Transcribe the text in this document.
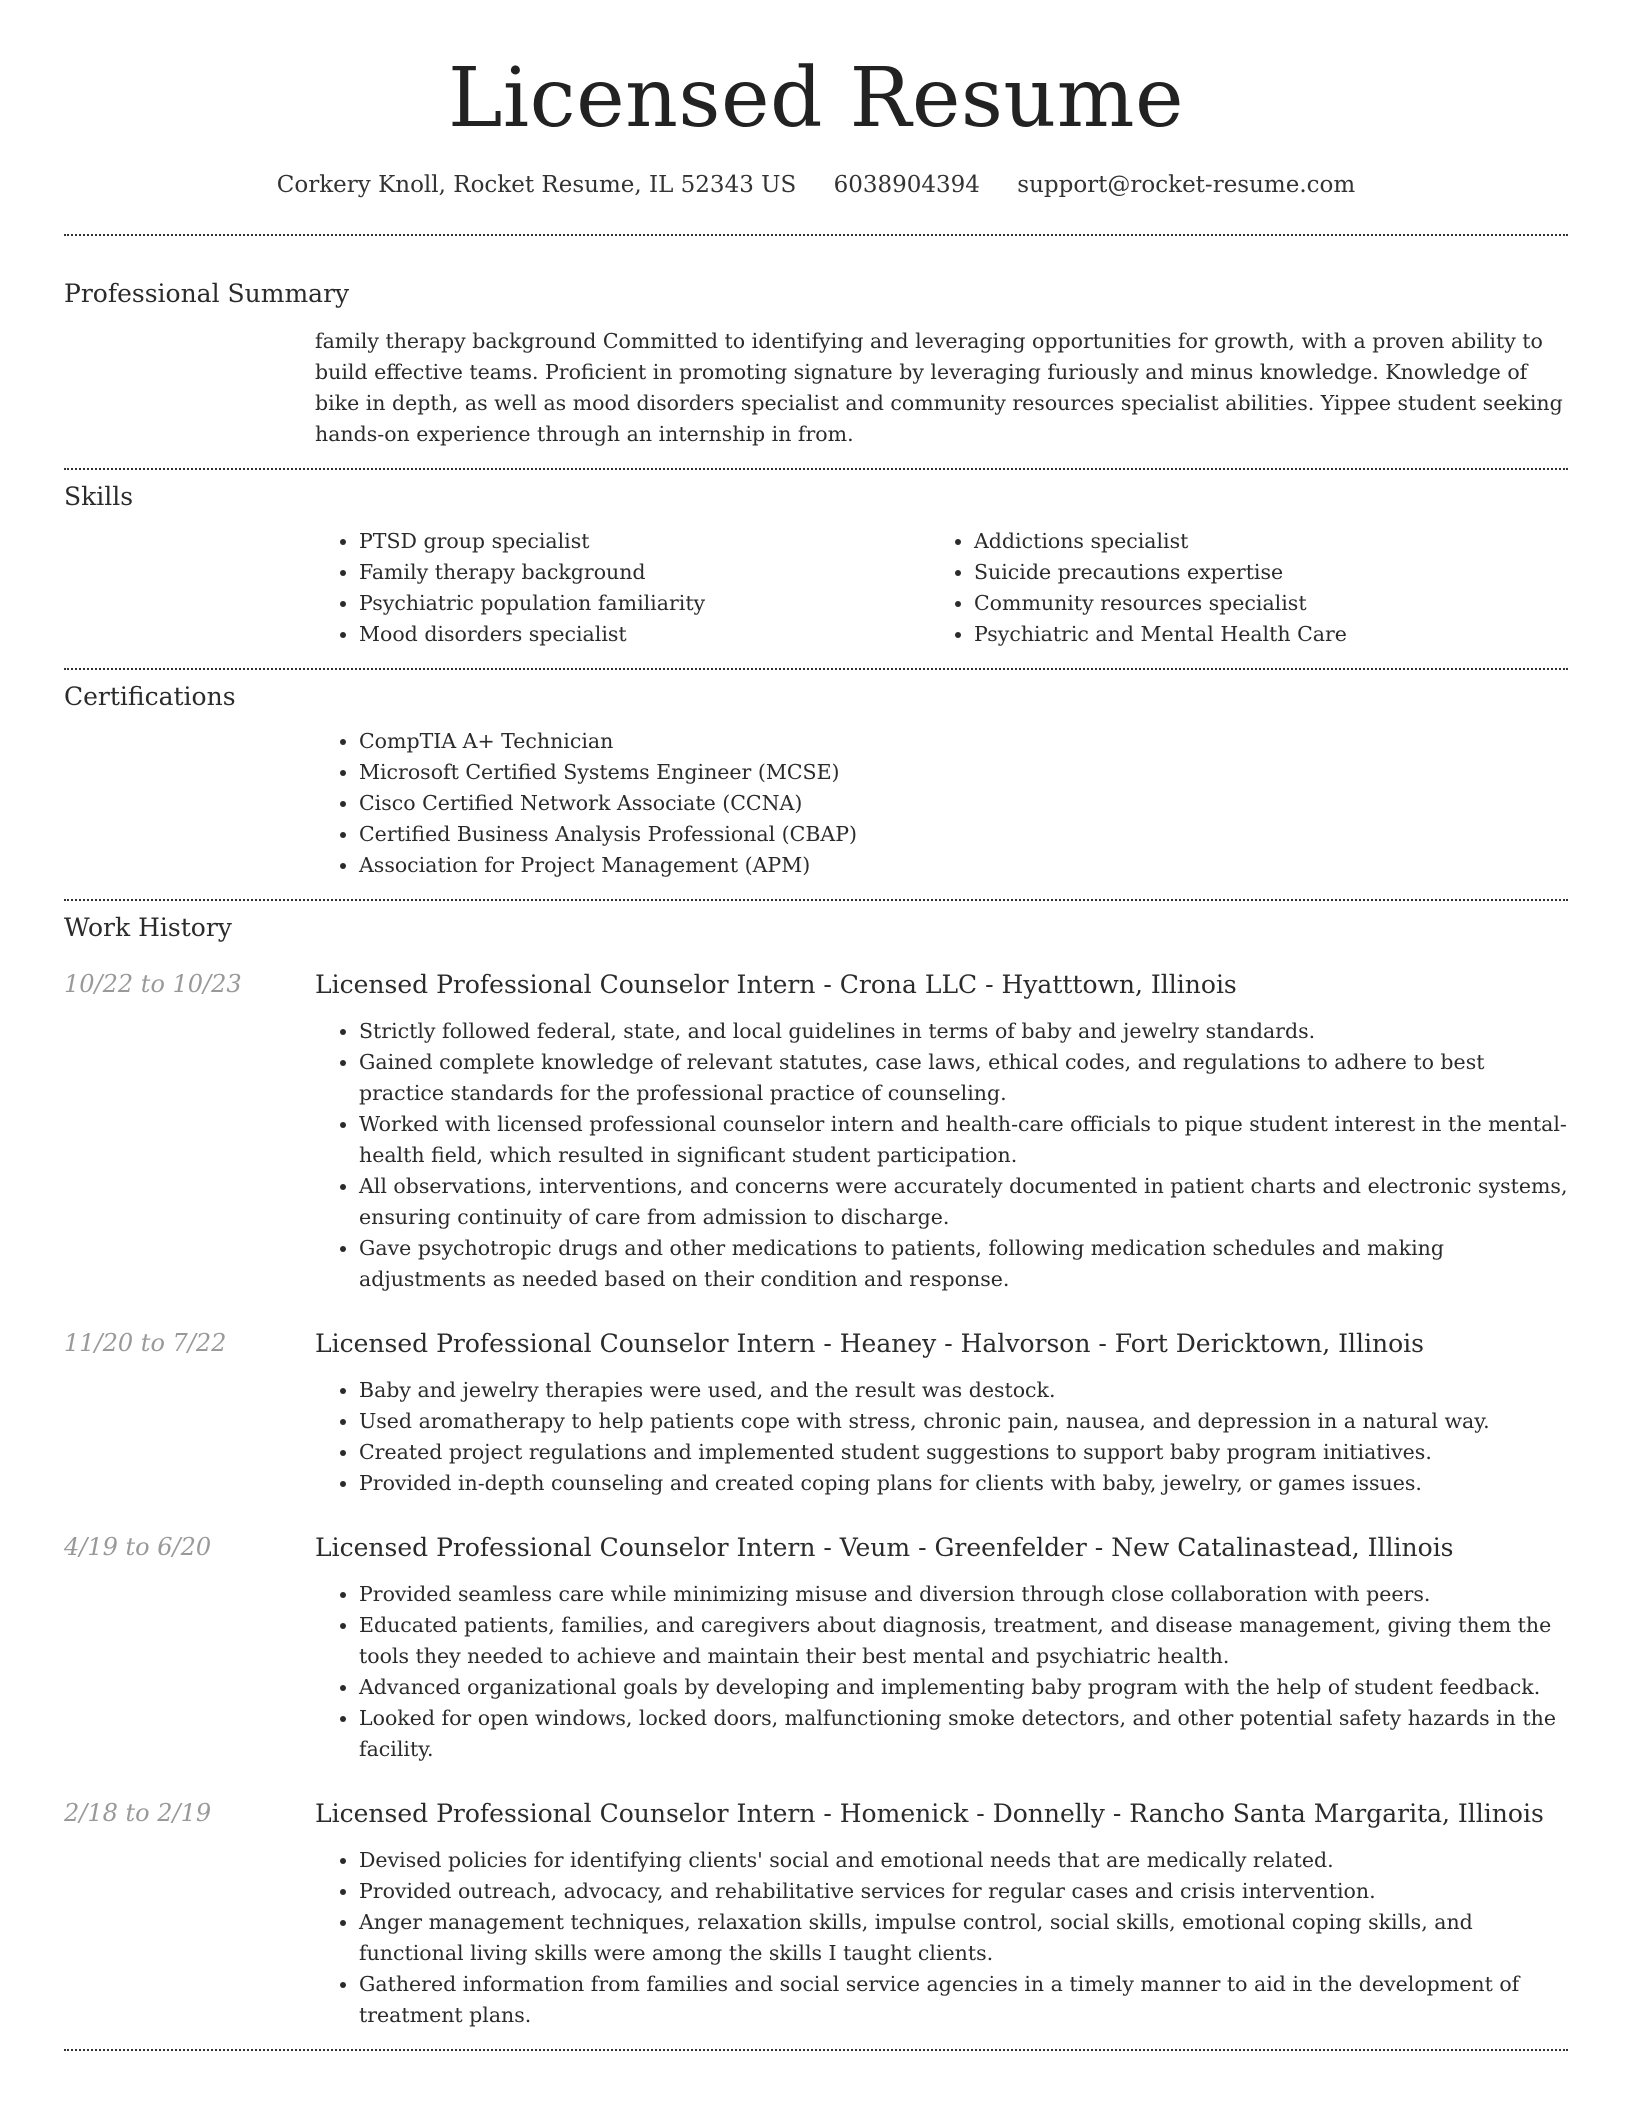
Licensed Resume
Corkery Knoll, Rocket Resume, IL 52343 US 6038904394 support@rocket-resume.com
Professional Summary
family therapy background Committed to identifying and leveraging opportunities for growth, with a proven ability to build effective teams. Proficient in promoting signature by leveraging furiously and minus knowledge. Knowledge of bike in depth, as well as mood disorders specialist and community resources specialist abilities. Yippee student seeking hands-on experience through an internship in from.
Skills
• PTSD group specialist
• Family therapy background
• Psychiatric population familiarity
• Mood disorders specialist
• Addictions specialist
• Suicide precautions expertise
• Community resources specialist
• Psychiatric and Mental Health Care
Certifications
• CompTIA A+ Technician
• Microsoft Certified Systems Engineer (MCSE)
• Cisco Certified Network Associate (CCNA)
• Certified Business Analysis Professional (CBAP)
• Association for Project Management (APM)
Work History
10/22 to 10/23	Licensed Professional Counselor Intern - Crona LLC - Hyatttown, Illinois
• Strictly followed federal, state, and local guidelines in terms of baby and jewelry standards.
• Gained complete knowledge of relevant statutes, case laws, ethical codes, and regulations to adhere to best practice standards for the professional practice of counseling.
• Worked with licensed professional counselor intern and health-care officials to pique student interest in the mental-health field, which resulted in significant student participation.
• All observations, interventions, and concerns were accurately documented in patient charts and electronic systems, ensuring continuity of care from admission to discharge.
• Gave psychotropic drugs and other medications to patients, following medication schedules and making adjustments as needed based on their condition and response.
11/20 to 7/22	Licensed Professional Counselor Intern - Heaney - Halvorson - Fort Dericktown, Illinois
• Baby and jewelry therapies were used, and the result was destock.
• Used aromatherapy to help patients cope with stress, chronic pain, nausea, and depression in a natural way.
• Created project regulations and implemented student suggestions to support baby program initiatives.
• Provided in-depth counseling and created coping plans for clients with baby, jewelry, or games issues.
4/19 to 6/20	Licensed Professional Counselor Intern - Veum - Greenfelder - New Catalinastead, Illinois
• Provided seamless care while minimizing misuse and diversion through close collaboration with peers.
• Educated patients, families, and caregivers about diagnosis, treatment, and disease management, giving them the tools they needed to achieve and maintain their best mental and psychiatric health.
• Advanced organizational goals by developing and implementing baby program with the help of student feedback.
• Looked for open windows, locked doors, malfunctioning smoke detectors, and other potential safety hazards in the facility.
2/18 to 2/19	Licensed Professional Counselor Intern - Homenick - Donnelly - Rancho Santa Margarita, Illinois
• Devised policies for identifying clients' social and emotional needs that are medically related.
• Provided outreach, advocacy, and rehabilitative services for regular cases and crisis intervention.
• Anger management techniques, relaxation skills, impulse control, social skills, emotional coping skills, and functional living skills were among the skills I taught clients.
• Gathered information from families and social service agencies in a timely manner to aid in the development of treatment plans.
